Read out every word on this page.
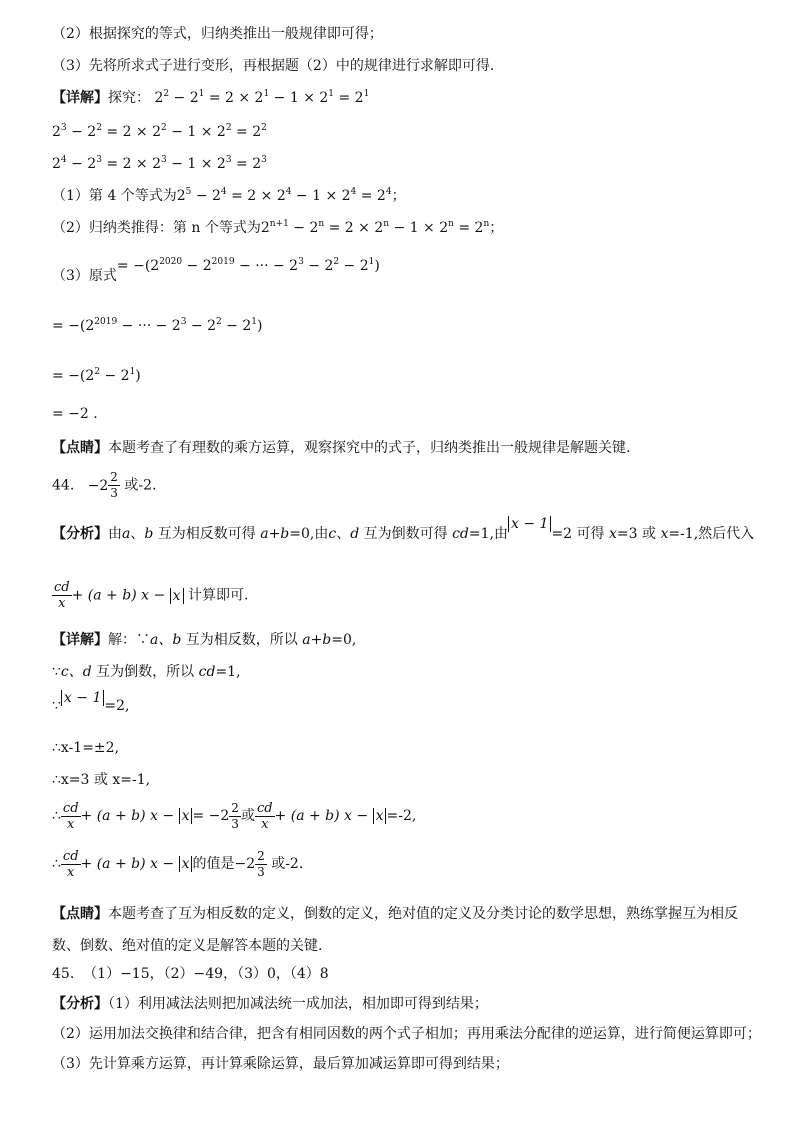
（2）根据探究的等式，归纳类推出一般规律即可得；
（3）先将所求式子进行变形，再根据题（2）中的规律进行求解即可得.
【详解】探究： $2^2 - 2^1 = 2 \times 2^1 - 1 \times 2^1 = 2^1$
$2^3 - 2^2 = 2 \times 2^2 - 1 \times 2^2 = 2^2$
$2^4 - 2^3 = 2 \times 2^3 - 1 \times 2^3 = 2^3$
（1）第 4 个等式为$2^5 - 2^4 = 2 \times 2^4 - 1 \times 2^4 = 2^4$；
（2）归纳类推得：第 n 个等式为$2^{n+1} - 2^n = 2 \times 2^n - 1 \times 2^n = 2^n$；
（3）原式= $-(2^{2020} - 2^{2019}$ − ··· − $2^3 - 2^2 - 2^1$)
= $-(2^{2019}$ − ··· − $2^3 - 2^2 - 2^1$)
= $-(2^2 - 2^1)$
= −2 .
【点睛】本题考查了有理数的乘方运算，观察探究中的式子，归纳类推出一般规律是解题关键.
44. $-2 \frac{2}{3}$ 或-2.
【分析】由a、b 互为相反数可得 a+b=0,由c、d 互为倒数可得 cd=1,由x − 1=2 可得 x=3 或 x=-1,然后代入
$\frac{cd}{x} + (a + b) x - x$ 计算即可.
【详解】解：∵a、b 互为相反数，所以 a+b=0,
∵c、d 互为倒数，所以 cd=1,
∵ x − 1 =2,
∴x-1=±2,
∴x=3 或 x=-1,
∴ $\frac{cd}{x} + (a + b) x - x = -2 \frac{2}{3}$ 或 $\frac{cd}{x} + (a + b) x - x =-2$,
∴ $\frac{cd}{x} + (a + b) x - x$ 的值是 $-2 \frac{2}{3}$ 或-2.
【点睛】本题考查了互为相反数的定义，倒数的定义，绝对值的定义及分类讨论的数学思想，熟练掌握互为相反
数、倒数、绝对值的定义是解答本题的关键.
45. （1）−15，（2）−49，（3）0，（4）8
【分析】（1）利用减法法则把加减法统一成加法，相加即可得到结果；
（2）运用加法交换律和结合律，把含有相同因数的两个式子相加；再用乘法分配律的逆运算，进行简便运算即可；
（3）先计算乘方运算，再计算乘除运算，最后算加减运算即可得到结果；
